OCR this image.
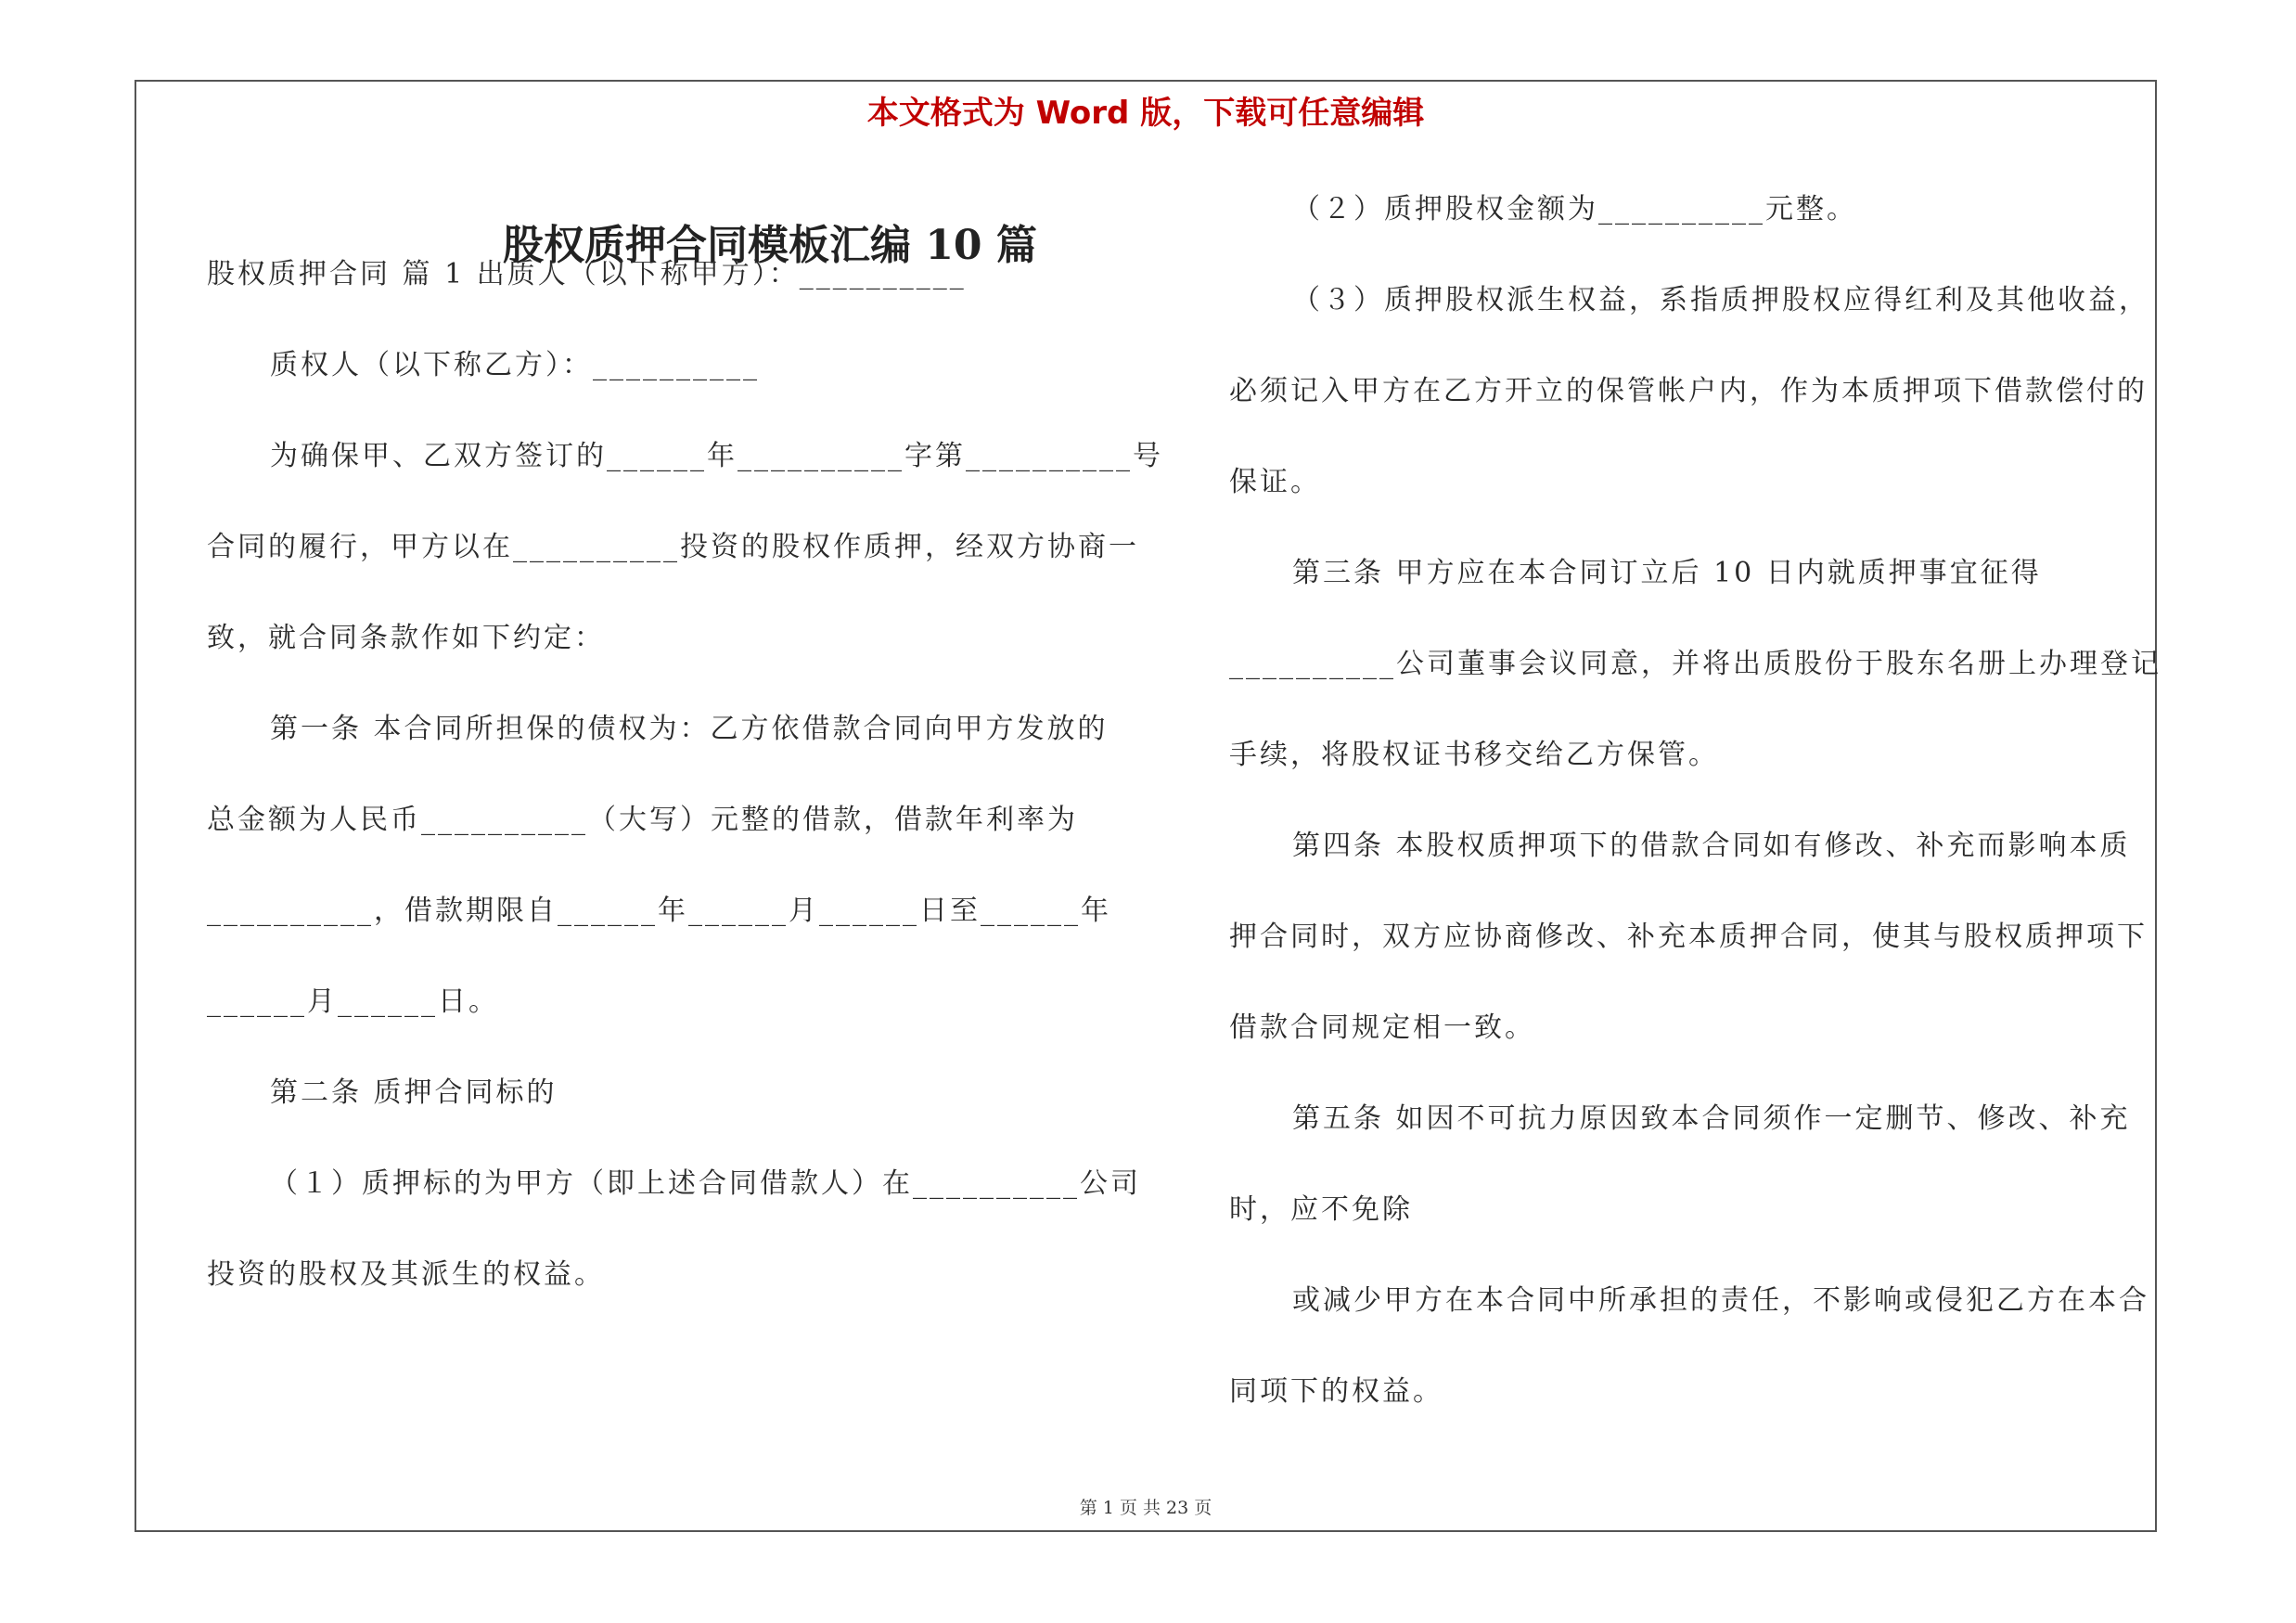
本文格式为 Word 版，下载可任意编辑
股权质押合同模板汇编 10 篇
股权质押合同 篇 1 出质人（以下称甲方）：__________
质权人（以下称乙方）：__________
为确保甲、乙双方签订的______年__________字第__________号
合同的履行，甲方以在__________投资的股权作质押，经双方协商一
致，就合同条款作如下约定：
第一条 本合同所担保的债权为：乙方依借款合同向甲方发放的
总金额为人民币__________（大写）元整的借款，借款年利率为
__________，借款期限自______年______月______日至______年
______月______日。
第二条 质押合同标的
（１）质押标的为甲方（即上述合同借款人）在__________公司
投资的股权及其派生的权益。
（２）质押股权金额为__________元整。
（３）质押股权派生权益，系指质押股权应得红利及其他收益，
必须记入甲方在乙方开立的保管帐户内，作为本质押项下借款偿付的
保证。
第三条 甲方应在本合同订立后 10 日内就质押事宜征得
__________公司董事会议同意，并将出质股份于股东名册上办理登记
手续，将股权证书移交给乙方保管。
第四条 本股权质押项下的借款合同如有修改、补充而影响本质
押合同时，双方应协商修改、补充本质押合同，使其与股权质押项下
借款合同规定相一致。
第五条 如因不可抗力原因致本合同须作一定删节、修改、补充
时，应不免除
或减少甲方在本合同中所承担的责任，不影响或侵犯乙方在本合
同项下的权益。
第 1 页 共 23 页
